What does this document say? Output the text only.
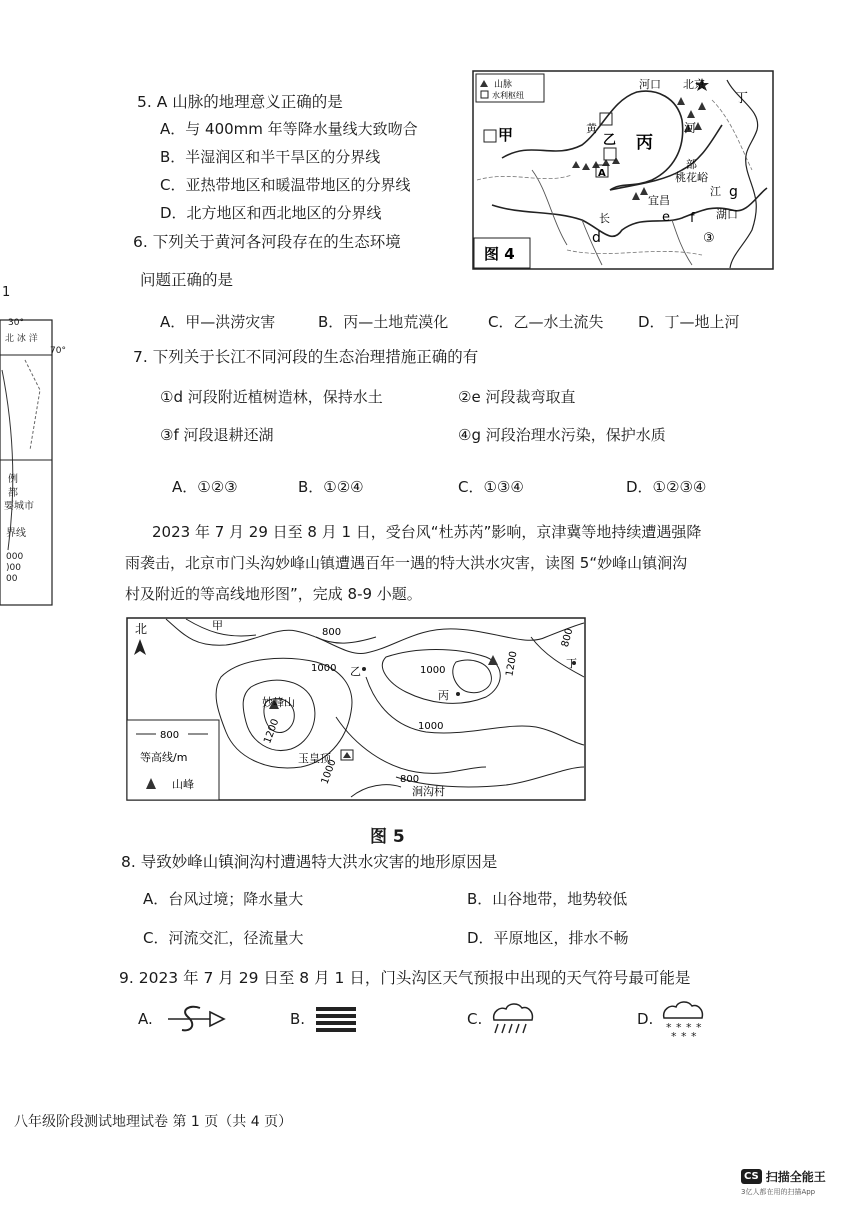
1
30°
北 冰 洋
70°
例
都
要城市
界线
000
)00
00
5. A 山脉的地理意义正确的是
A．与 400mm 年等降水量线大致吻合
B．半湿润区和半干旱区的分界线
C．亚热带地区和暖温带地区的分界线
D．北方地区和西北地区的分界线
山脉
水利枢纽
河口 北京
丁
乙
黄	河
甲	丙
部
桃花峪
A
江 g
宜昌
e
长	f 湖口
d	③
图 4
6. 下列关于黄河各河段存在的生态环境
问题正确的是
A．甲—洪涝灾害	B．丙—土地荒漠化	C．乙—水土流失 D．丁—地上河
7. 下列关于长江不同河段的生态治理措施正确的有
①d 河段附近植树造林，保持水土	②e 河段裁弯取直
③f 河段退耕还湖	④g 河段治理水污染，保护水质
A．①②③	B．①②④	C．①③④	D．①②③④
2023 年 7 月 29 日至 8 月 1 日，受台风“杜苏芮”影响，京津冀等地持续遭遇强降
雨袭击，北京市门头沟妙峰山镇遭遇百年一遇的特大洪水灾害，读图 5“妙峰山镇涧沟
村及附近的等高线地形图”，完成 8-9 小题。
北	甲
乙
丙
丁
妙峰山
玉皇顶
涧沟村
800
1000
1200
1000
1000
1200
800
800
1000
800
等高线/m
山峰
图 5
8. 导致妙峰山镇涧沟村遭遇特大洪水灾害的地形原因是
A．台风过境；降水量大	B．山谷地带，地势较低
C．河流交汇，径流量大	D．平原地区，排水不畅
9. 2023 年 7 月 29 日至 8 月 1 日，门头沟区天气预报中出现的天气符号最可能是
A.	B.	C.	D. * * * *
* * *
八年级阶段测试地理试卷 第 1 页（共 4 页）
CS 扫描全能王
3亿人都在用的扫描App
